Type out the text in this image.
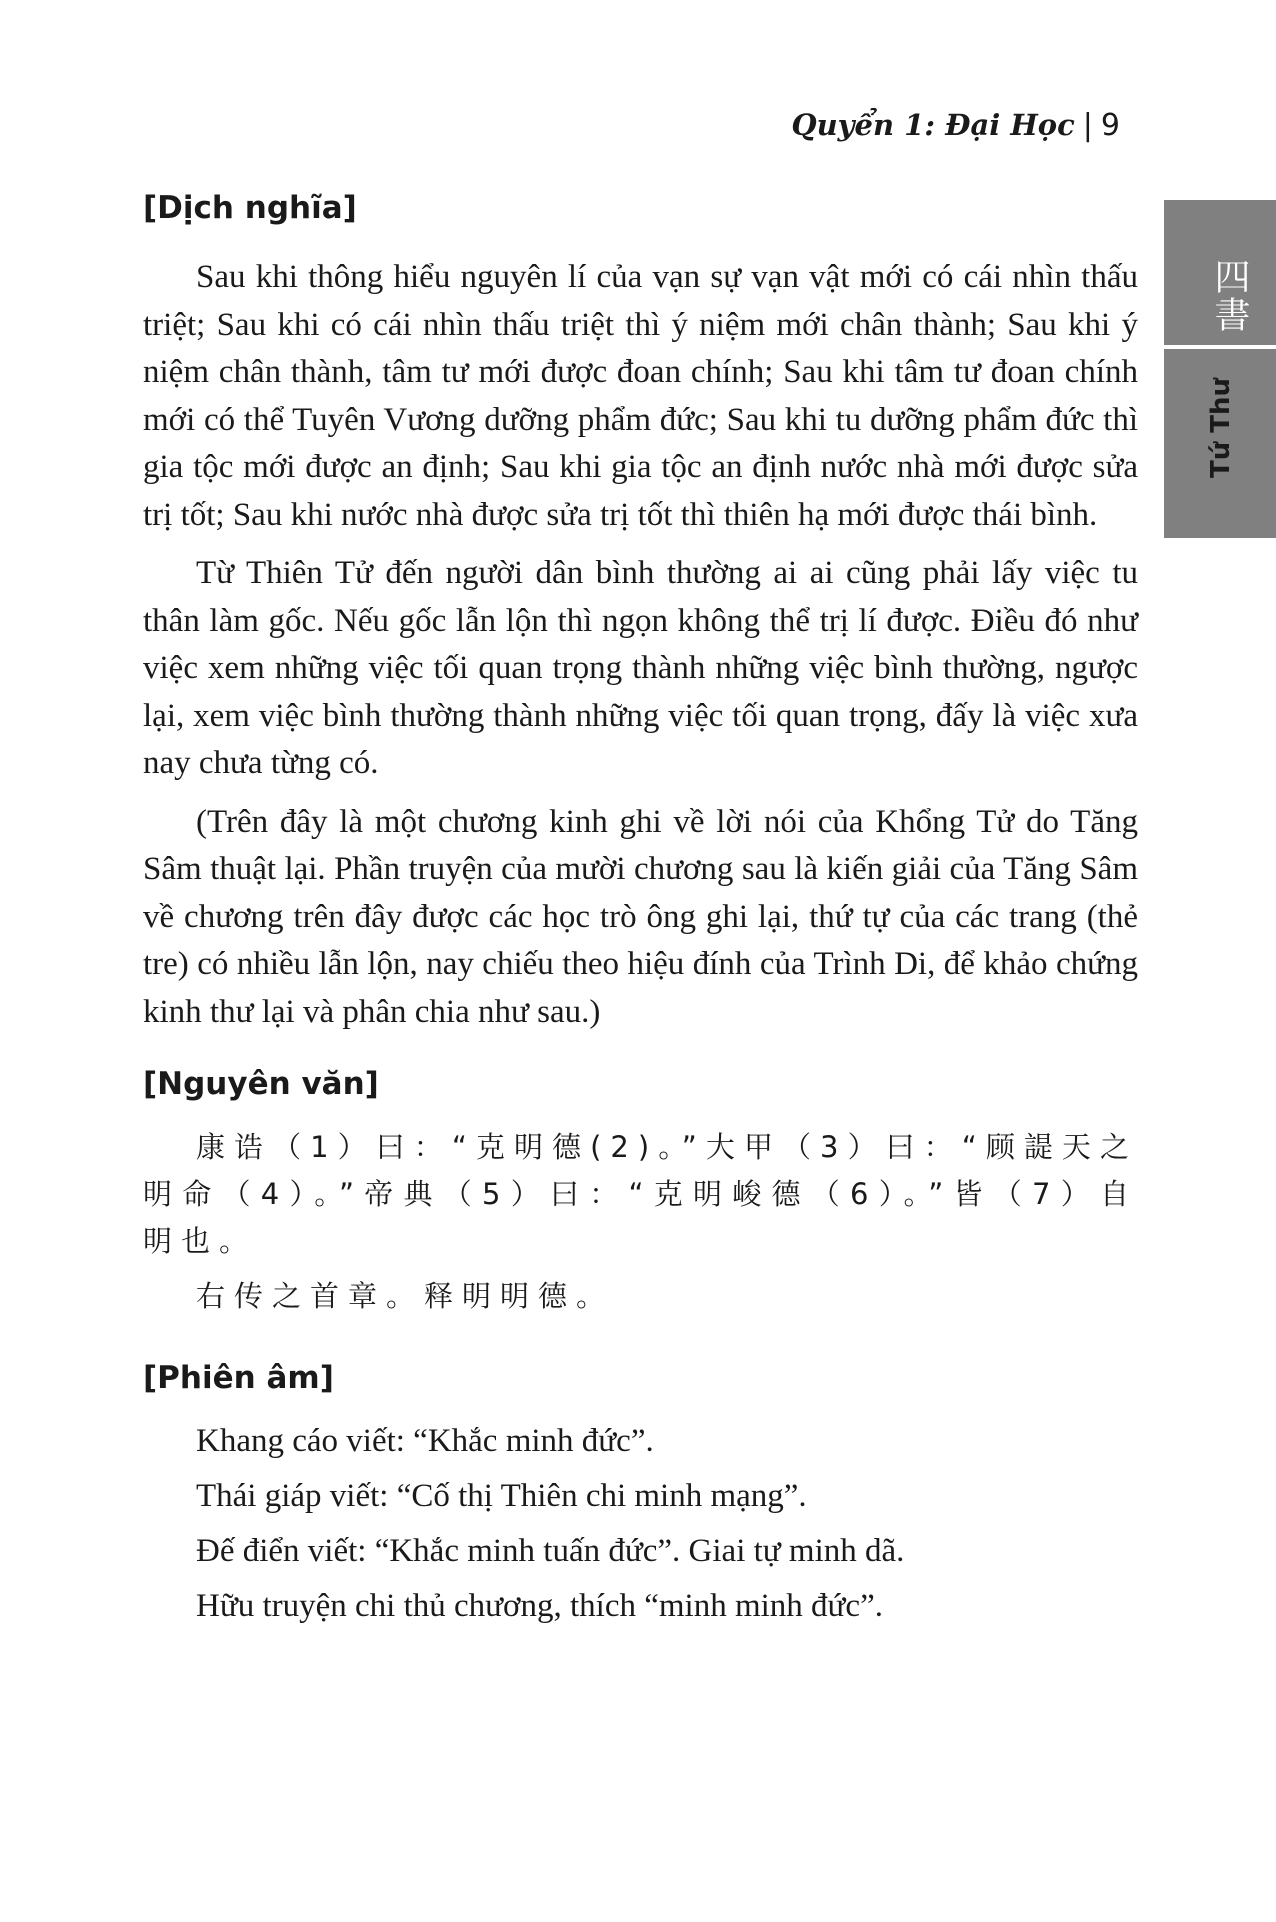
Quyển 1: Đại Học | 9
四書
Tứ Thư
[Dịch nghĩa]

Sau khi thông hiểu nguyên lí của vạn sự vạn vật mới có cái nhìn thấu triệt; Sau khi có cái nhìn thấu triệt thì ý niệm mới chân thành; Sau khi ý niệm chân thành, tâm tư mới được đoan chính; Sau khi tâm tư đoan chính mới có thể Tuyên Vương dưỡng phẩm đức; Sau khi tu dưỡng phẩm đức thì gia tộc mới được an định; Sau khi gia tộc an định nước nhà mới được sửa trị tốt; Sau khi nước nhà được sửa trị tốt thì thiên hạ mới được thái bình.

Từ Thiên Tử đến người dân bình thường ai ai cũng phải lấy việc tu thân làm gốc. Nếu gốc lẫn lộn thì ngọn không thể trị lí được. Điều đó như việc xem những việc tối quan trọng thành những việc bình thường, ngược lại, xem việc bình thường thành những việc tối quan trọng, đấy là việc xưa nay chưa từng có.

(Trên đây là một chương kinh ghi về lời nói của Khổng Tử do Tăng Sâm thuật lại. Phần truyện của mười chương sau là kiến giải của Tăng Sâm về chương trên đây được các học trò ông ghi lại, thứ tự của các trang (thẻ tre) có nhiều lẫn lộn, nay chiếu theo hiệu đính của Trình Di, để khảo chứng kinh thư lại và phân chia như sau.)

[Nguyên văn]

康诰（1）曰：“克明德(2)。”大甲（3）曰：“顾諟天之明命（4）。”帝典（5）曰：“克明峻德（6）。”皆（7）自明也。

右传之首章。释明明德。

[Phiên âm]

Khang cáo viết: “Khắc minh đức”.

Thái giáp viết: “Cố thị Thiên chi minh mạng”.

Đế điển viết: “Khắc minh tuấn đức”. Giai tự minh dã.

Hữu truyện chi thủ chương, thích “minh minh đức”.
